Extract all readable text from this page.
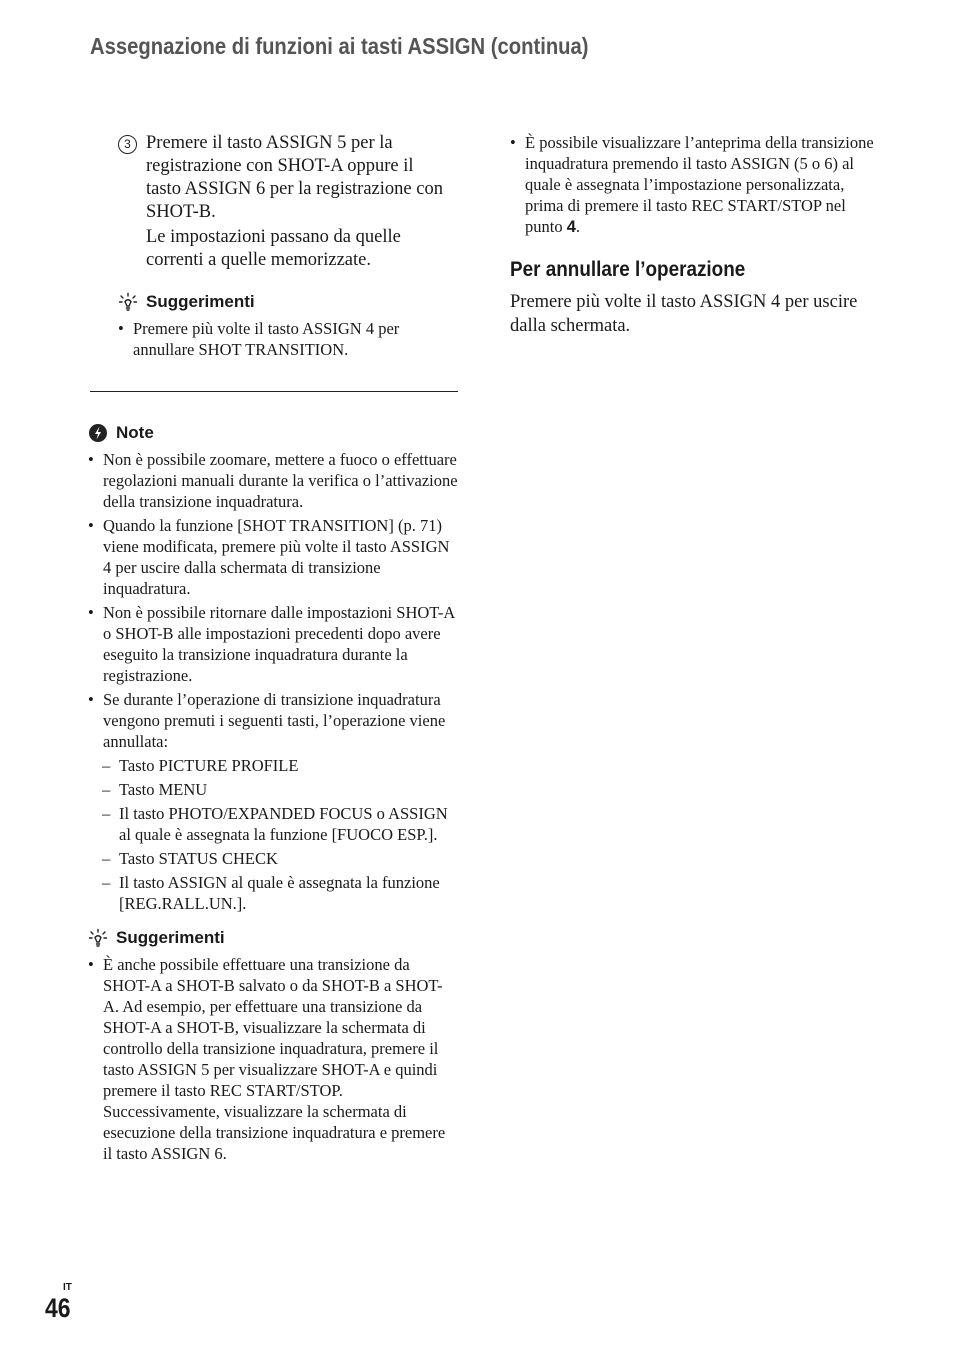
Assegnazione di funzioni ai tasti ASSIGN (continua)
3 Premere il tasto ASSIGN 5 per la registrazione con SHOT-A oppure il tasto ASSIGN 6 per la registrazione con SHOT-B.

Le impostazioni passano da quelle correnti a quelle memorizzate.

Suggerimenti
• Premere più volte il tasto ASSIGN 4 per annullare SHOT TRANSITION.
Note
• Non è possibile zoomare, mettere a fuoco o effettuare regolazioni manuali durante la verifica o l’attivazione della transizione inquadratura.
• Quando la funzione [SHOT TRANSITION] (p. 71) viene modificata, premere più volte il tasto ASSIGN 4 per uscire dalla schermata di transizione inquadratura.
• Non è possibile ritornare dalle impostazioni SHOT-A o SHOT-B alle impostazioni precedenti dopo avere eseguito la transizione inquadratura durante la registrazione.
• Se durante l’operazione di transizione inquadratura vengono premuti i seguenti tasti, l’operazione viene annullata:
– Tasto PICTURE PROFILE
– Tasto MENU
– Il tasto PHOTO/EXPANDED FOCUS o ASSIGN al quale è assegnata la funzione [FUOCO ESP.].
– Tasto STATUS CHECK
– Il tasto ASSIGN al quale è assegnata la funzione [REG.RALL.UN.].
Suggerimenti
• È anche possibile effettuare una transizione da SHOT-A a SHOT-B salvato o da SHOT-B a SHOT-A. Ad esempio, per effettuare una transizione da SHOT-A a SHOT-B, visualizzare la schermata di controllo della transizione inquadratura, premere il tasto ASSIGN 5 per visualizzare SHOT-A e quindi premere il tasto REC START/STOP. Successivamente, visualizzare la schermata di esecuzione della transizione inquadratura e premere il tasto ASSIGN 6.
• È possibile visualizzare l’anteprima della transizione inquadratura premendo il tasto ASSIGN (5 o 6) al quale è assegnata l’impostazione personalizzata, prima di premere il tasto REC START/STOP nel punto 4.
Per annullare l’operazione

Premere più volte il tasto ASSIGN 4 per uscire dalla schermata.

IT
46
